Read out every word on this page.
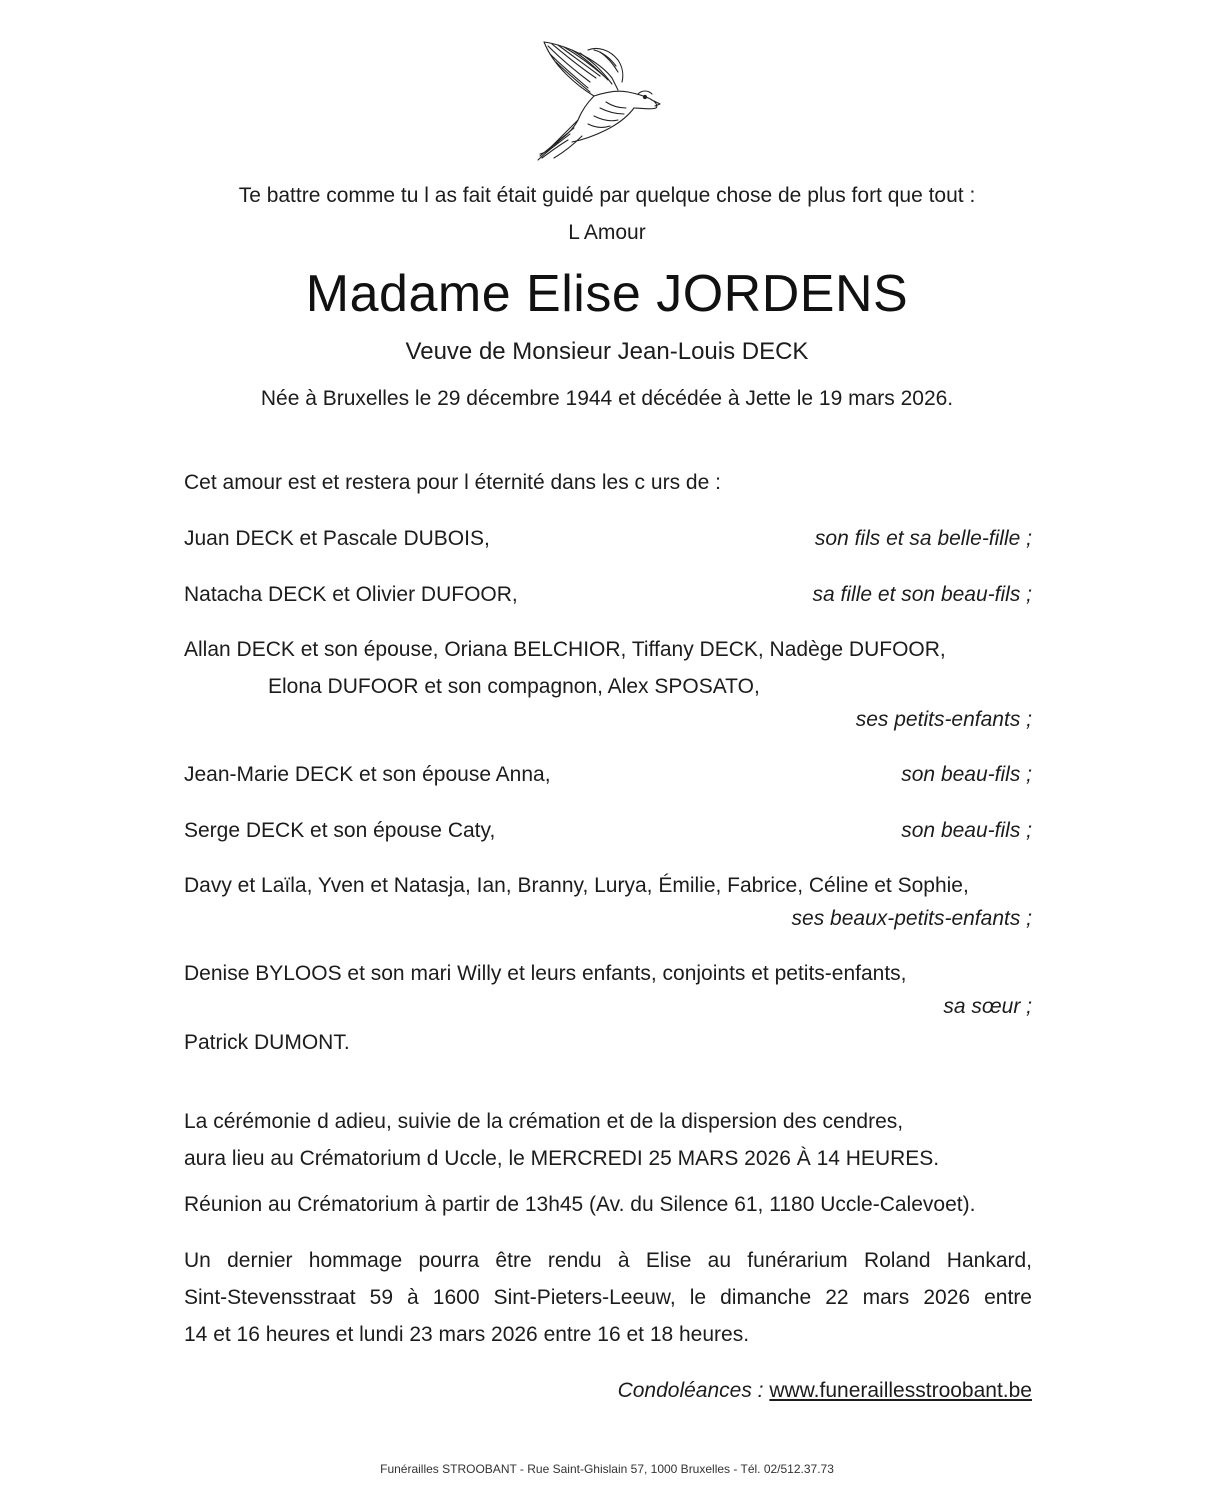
Te battre comme tu l as fait était guidé par quelque chose de plus fort que tout :
L Amour
Madame Elise JORDENS
Veuve de Monsieur Jean-Louis DECK
Née à Bruxelles le 29 décembre 1944 et décédée à Jette le 19 mars 2026.
Cet amour est et restera pour l éternité dans les c urs de :
Juan DECK et Pascale DUBOIS,	son fils et sa belle-fille ;
Natacha DECK et Olivier DUFOOR,	sa fille et son beau-fils ;
Allan DECK et son épouse, Oriana BELCHIOR, Tiffany DECK, Nadège DUFOOR,
Elona DUFOOR et son compagnon, Alex SPOSATO,
ses petits-enfants ;
Jean-Marie DECK et son épouse Anna,	son beau-fils ;
Serge DECK et son épouse Caty,	son beau-fils ;
Davy et Laïla, Yven et Natasja, Ian, Branny, Lurya, Émilie, Fabrice, Céline et Sophie,
ses beaux-petits-enfants ;
Denise BYLOOS et son mari Willy et leurs enfants, conjoints et petits-enfants,
sa sœur ;
Patrick DUMONT.
La cérémonie d adieu, suivie de la crémation et de la dispersion des cendres,
aura lieu au Crématorium d Uccle, le MERCREDI 25 MARS 2026 À 14 HEURES.
Réunion au Crématorium à partir de 13h45 (Av. du Silence 61, 1180 Uccle-Calevoet).
Un dernier hommage pourra être rendu à Elise au funérarium Roland Hankard,
Sint-Stevensstraat 59 à 1600 Sint-Pieters-Leeuw, le dimanche 22 mars 2026 entre
14 et 16 heures et lundi 23 mars 2026 entre 16 et 18 heures.
Condoléances : www.funeraillesstroobant.be
Funérailles STROOBANT - Rue Saint-Ghislain 57, 1000 Bruxelles - Tél. 02/512.37.73
